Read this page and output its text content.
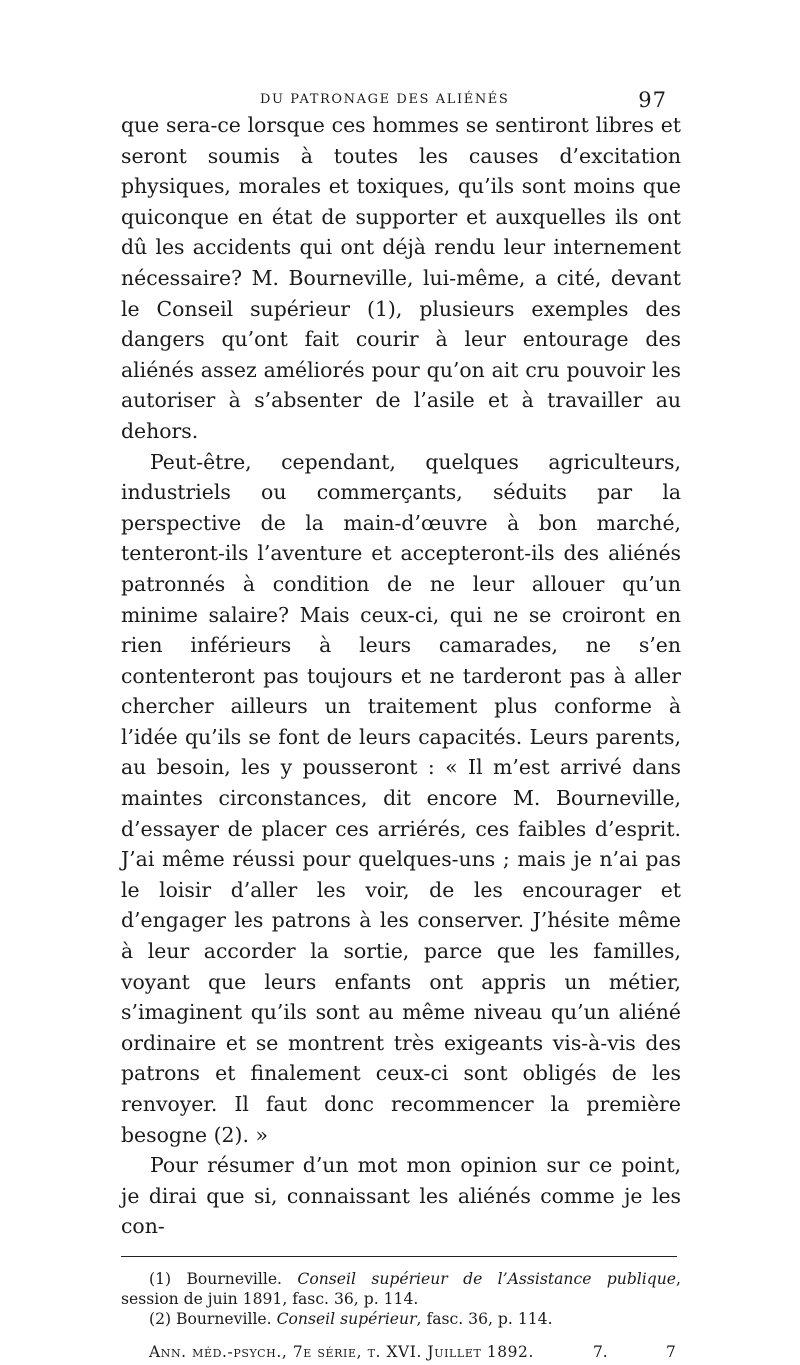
DU PATRONAGE DES ALIÉNÉS	97

que sera-ce lorsque ces hommes se sentiront libres et seront soumis à toutes les causes d’excitation physiques, morales et toxiques, qu’ils sont moins que quiconque en état de supporter et auxquelles ils ont dû les accidents qui ont déjà rendu leur internement nécessaire? M. Bourneville, lui-même, a cité, devant le Conseil supérieur (1), plusieurs exemples des dangers qu’ont fait courir à leur entourage des aliénés assez améliorés pour qu’on ait cru pouvoir les autoriser à s’absenter de l’asile et à travailler au dehors.

Peut-être, cependant, quelques agriculteurs, industriels ou commerçants, séduits par la perspective de la main-d’œuvre à bon marché, tenteront-ils l’aventure et accepteront-ils des aliénés patronnés à condition de ne leur allouer qu’un minime salaire? Mais ceux-ci, qui ne se croiront en rien inférieurs à leurs camarades, ne s’en contenteront pas toujours et ne tarderont pas à aller chercher ailleurs un traitement plus conforme à l’idée qu’ils se font de leurs capacités. Leurs parents, au besoin, les y pousseront : « Il m’est arrivé dans maintes circonstances, dit encore M. Bourneville, d’essayer de placer ces arriérés, ces faibles d’esprit. J’ai même réussi pour quelques-uns ; mais je n’ai pas le loisir d’aller les voir, de les encourager et d’engager les patrons à les conserver. J’hésite même à leur accorder la sortie, parce que les familles, voyant que leurs enfants ont appris un métier, s’imaginent qu’ils sont au même niveau qu’un aliéné ordinaire et se montrent très exigeants vis-à-vis des patrons et finalement ceux-ci sont obligés de les renvoyer. Il faut donc recommencer la première besogne (2). »

Pour résumer d’un mot mon opinion sur ce point, je dirai que si, connaissant les aliénés comme je les con-

(1) Bourneville. Conseil supérieur de l’Assistance publique, session de juin 1891, fasc. 36, p. 114.

(2) Bourneville. Conseil supérieur, fasc. 36, p. 114.

Ann. méd.-psych., 7e série, t. XVI. Juillet 1892.	7.	7
